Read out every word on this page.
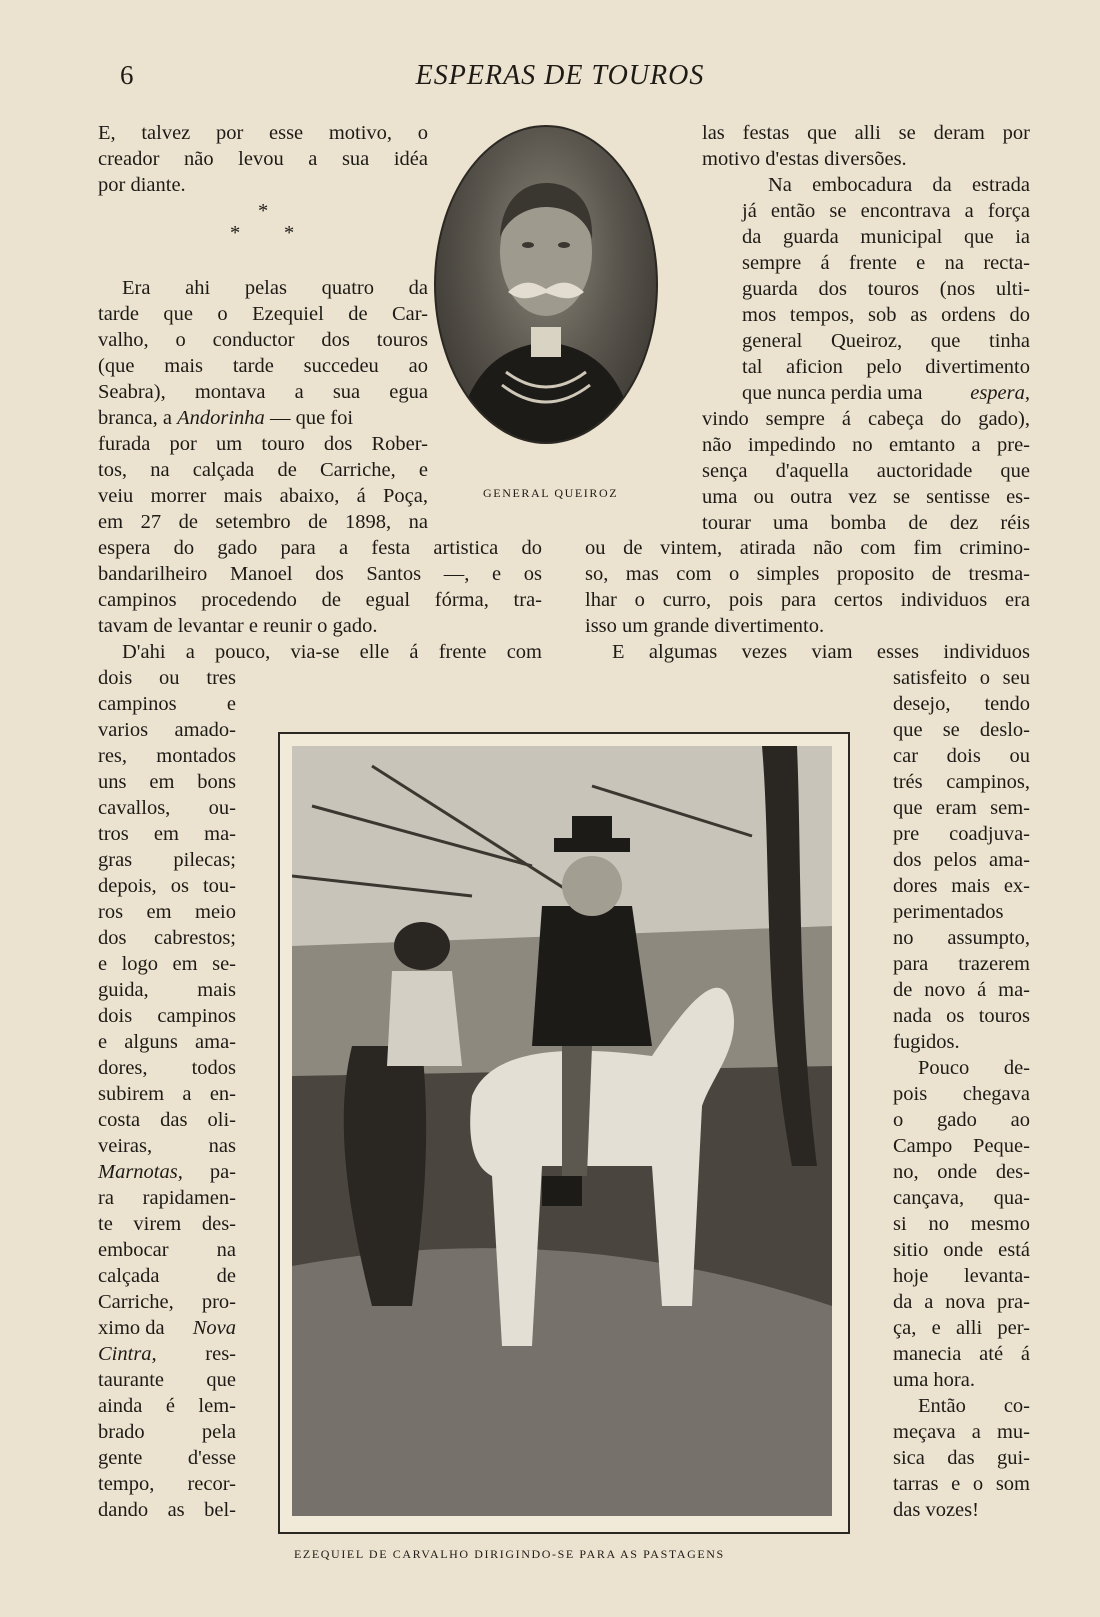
6	ESPERAS DE TOUROS
E, talvez por esse motivo, o
creador não levou a sua idéa
por diante.
*
* *
Era ahi pelas quatro da
tarde que o Ezequiel de Car-
valho, o conductor dos touros
(que mais tarde succedeu ao
Seabra), montava a sua egua
branca, a Andorinha — que foi
furada por um touro dos Rober-
tos, na calçada de Carriche, e
veiu morrer mais abaixo, á Poça,
em 27 de setembro de 1898, na
espera do gado para a festa artistica do
bandarilheiro Manoel dos Santos —, e os
campinos procedendo de egual fórma, tra-
tavam de levantar e reunir o gado.
D'ahi a pouco, via-se elle á frente com
dois ou tres
campinos e
varios amado-
res, montados
uns em bons
cavallos, ou-
tros em ma-
gras pilecas;
depois, os tou-
ros em meio
dos cabrestos;
e logo em se-
guida, mais
dois campinos
e alguns ama-
dores, todos
subirem a en-
costa das oli-
veiras, nas
Marnotas, pa-
ra rapidamen-
te virem des-
embocar na
calçada de
Carriche, pro-
ximo da Nova
Cintra, res-
taurante que
ainda é lem-
brado pela
gente d'esse
tempo, recor-
dando as bel-
GENERAL QUEIROZ
las festas que alli se deram por
motivo d'estas diversões.
Na embocadura da estrada
já então se encontrava a força
da guarda municipal que ia
sempre á frente e na recta-
guarda dos touros (nos ulti-
mos tempos, sob as ordens do
general Queiroz, que tinha
tal aficion pelo divertimento
que nunca perdia uma espera,
vindo sempre á cabeça do gado),
não impedindo no emtanto a pre-
sença d'aquella auctoridade que
uma ou outra vez se sentisse es-
tourar uma bomba de dez réis
ou de vintem, atirada não com fim crimino-
so, mas com o simples proposito de tresma-
lhar o curro, pois para certos individuos era
isso um grande divertimento.
E algumas vezes viam esses individuos
satisfeito o seu
desejo, tendo
que se deslo-
car dois ou
trés campinos,
que eram sem-
pre coadjuva-
dos pelos ama-
dores mais ex-
perimentados
no assumpto,
para trazerem
de novo á ma-
nada os touros
fugidos.
Pouco de-
pois chegava
o gado ao
Campo Peque-
no, onde des-
cançava, qua-
si no mesmo
sitio onde está
hoje levanta-
da a nova pra-
ça, e alli per-
manecia até á
uma hora.
Então co-
meçava a mu-
sica das gui-
tarras e o som
das vozes!
EZEQUIEL DE CARVALHO DIRIGINDO-SE PARA AS PASTAGENS
